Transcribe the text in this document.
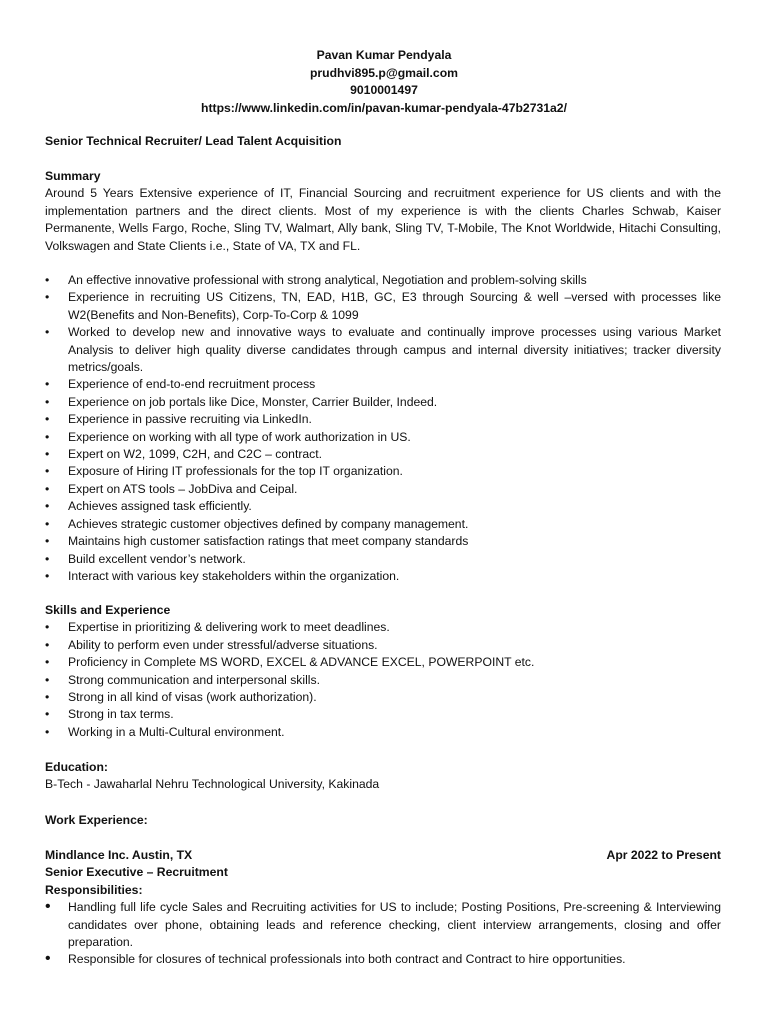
Pavan Kumar Pendyala
prudhvi895.p@gmail.com
9010001497
https://www.linkedin.com/in/pavan-kumar-pendyala-47b2731a2/
Senior Technical Recruiter/ Lead Talent Acquisition
Summary

Around 5 Years Extensive experience of IT, Financial Sourcing and recruitment experience for US clients and with the implementation partners and the direct clients. Most of my experience is with the clients Charles Schwab, Kaiser Permanente, Wells Fargo, Roche, Sling TV, Walmart, Ally bank, Sling TV, T-Mobile, The Knot Worldwide, Hitachi Consulting, Volkswagen and State Clients i.e., State of VA, TX and FL.

• An effective innovative professional with strong analytical, Negotiation and problem-solving skills
• Experience in recruiting US Citizens, TN, EAD, H1B, GC, E3 through Sourcing & well –versed with processes like W2(Benefits and Non-Benefits), Corp-To-Corp & 1099
• Worked to develop new and innovative ways to evaluate and continually improve processes using various Market Analysis to deliver high quality diverse candidates through campus and internal diversity initiatives; tracker diversity metrics/goals.
• Experience of end-to-end recruitment process
• Experience on job portals like Dice, Monster, Carrier Builder, Indeed.
• Experience in passive recruiting via LinkedIn.
• Experience on working with all type of work authorization in US.
• Expert on W2, 1099, C2H, and C2C – contract.
• Exposure of Hiring IT professionals for the top IT organization.
• Expert on ATS tools – JobDiva and Ceipal.
• Achieves assigned task efficiently.
• Achieves strategic customer objectives defined by company management.
• Maintains high customer satisfaction ratings that meet company standards
• Build excellent vendor’s network.
• Interact with various key stakeholders within the organization.
Skills and Experience
• Expertise in prioritizing & delivering work to meet deadlines.
• Ability to perform even under stressful/adverse situations.
• Proficiency in Complete MS WORD, EXCEL & ADVANCE EXCEL, POWERPOINT etc.
• Strong communication and interpersonal skills.
• Strong in all kind of visas (work authorization).
• Strong in tax terms.
• Working in a Multi-Cultural environment.
Education:
B-Tech - Jawaharlal Nehru Technological University, Kakinada
Work Experience:
Mindlance Inc. Austin, TX	Apr 2022 to Present
Senior Executive – Recruitment
Responsibilities:
• Handling full life cycle Sales and Recruiting activities for US to include; Posting Positions, Pre-screening & Interviewing candidates over phone, obtaining leads and reference checking, client interview arrangements, closing and offer preparation.
• Responsible for closures of technical professionals into both contract and Contract to hire opportunities.
